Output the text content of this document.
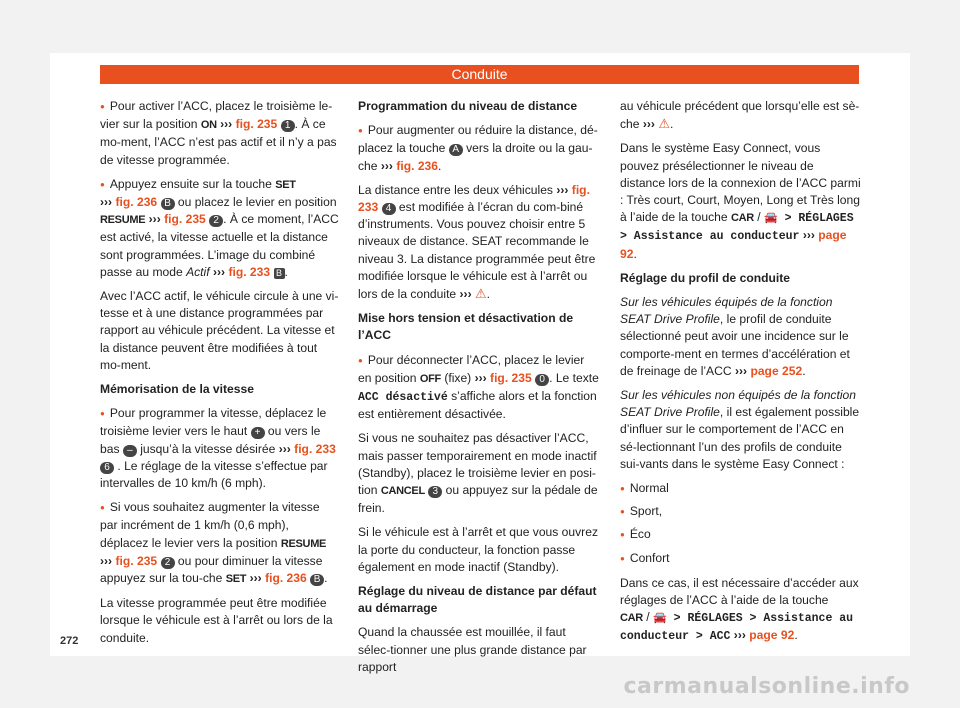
Conduite

● Pour activer l’ACC, placez le troisième le-vier sur la position ON ››› fig. 235 1 . À ce mo-ment, l’ACC n’est pas actif et il n’y a pas de vitesse programmée.

● Appuyez ensuite sur la touche SET
››› fig. 236 B ou placez le levier en position
RESUME ››› fig. 235 2 . À ce moment, l’ACC est activé, la vitesse actuelle et la distance sont programmées. L’image du combiné passe au mode Actif ››› fig. 233 B .

Avec l’ACC actif, le véhicule circule à une vi-tesse et à une distance programmées par rapport au véhicule précédent. La vitesse et la distance peuvent être modifiées à tout mo-ment.

Mémorisation de la vitesse

● Pour programmer la vitesse, déplacez le troisième levier vers le haut + ou vers le bas – jusqu’à la vitesse désirée ››› fig. 233 6 . Le réglage de la vitesse s’effectue par intervalles de 10 km/h (6 mph).

● Si vous souhaitez augmenter la vitesse par incrément de 1 km/h (0,6 mph), déplacez le levier vers la position RESUME ››› fig. 235 2 ou pour diminuer la vitesse appuyez sur la tou-che SET ››› fig. 236 B .

La vitesse programmée peut être modifiée lorsque le véhicule est à l’arrêt ou lors de la conduite.

Programmation du niveau de distance

● Pour augmenter ou réduire la distance, dé-placez la touche A vers la droite ou la gau-che ››› fig. 236.

La distance entre les deux véhicules ››› fig. 233 4 est modifiée à l’écran du com-biné d’instruments. Vous pouvez choisir entre 5 niveaux de distance. SEAT recommande le niveau 3. La distance programmée peut être modifiée lorsque le véhicule est à l’arrêt ou lors de la conduite ››› ⚠.

Mise hors tension et désactivation de l’ACC

● Pour déconnecter l’ACC, placez le levier en position OFF (fixe) ››› fig. 235 0 . Le texte ACC désactivé s’affiche alors et la fonction est entièrement désactivée.

Si vous ne souhaitez pas désactiver l’ACC, mais passer temporairement en mode inactif (Standby), placez le troisième levier en posi-tion CANCEL 3 ou appuyez sur la pédale de frein.

Si le véhicule est à l’arrêt et que vous ouvrez la porte du conducteur, la fonction passe également en mode inactif (Standby).

Réglage du niveau de distance par défaut au démarrage

Quand la chaussée est mouillée, il faut sélec-tionner une plus grande distance par rapport

au véhicule précédent que lorsqu’elle est sè-che ››› ⚠.

Dans le système Easy Connect, vous pouvez présélectionner le niveau de distance lors de la connexion de l’ACC parmi : Très court, Court, Moyen, Long et Très long à l’aide de la touche CAR / 🚘 > RÉGLAGES > Assistance au conducteur ››› page 92.

Réglage du profil de conduite

Sur les véhicules équipés de la fonction SEAT Drive Profile, le profil de conduite sélectionné peut avoir une incidence sur le comporte-ment en termes d’accélération et de freinage de l’ACC ››› page 252.

Sur les véhicules non équipés de la fonction SEAT Drive Profile, il est également possible d’influer sur le comportement de l’ACC en sé-lectionnant l’un des profils de conduite sui-vants dans le système Easy Connect :

● Normal
● Sport,
● Éco
● Confort

Dans ce cas, il est nécessaire d’accéder aux réglages de l’ACC à l’aide de la touche
CAR / 🚘 > RÉGLAGES > Assistance au conducteur > ACC ››› page 92.

272
carmanualsonline.info
